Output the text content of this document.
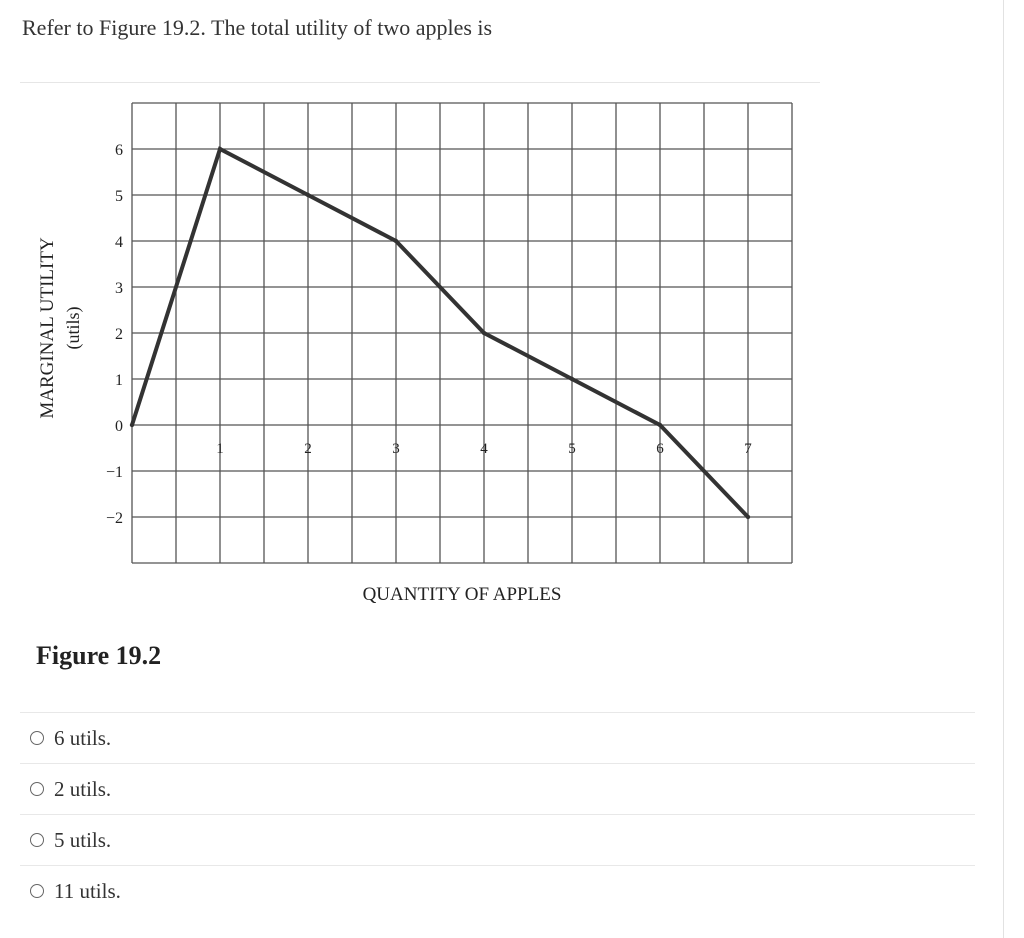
Refer to Figure 19.2. The total utility of two apples is
6
5
4
3
2
1
0
−1
−2
1	2	3	4	5	6	7
MARGINAL UTILITY (utils)
QUANTITY OF APPLES

Figure 19.2

6 utils.
2 utils.
5 utils.
11 utils.
